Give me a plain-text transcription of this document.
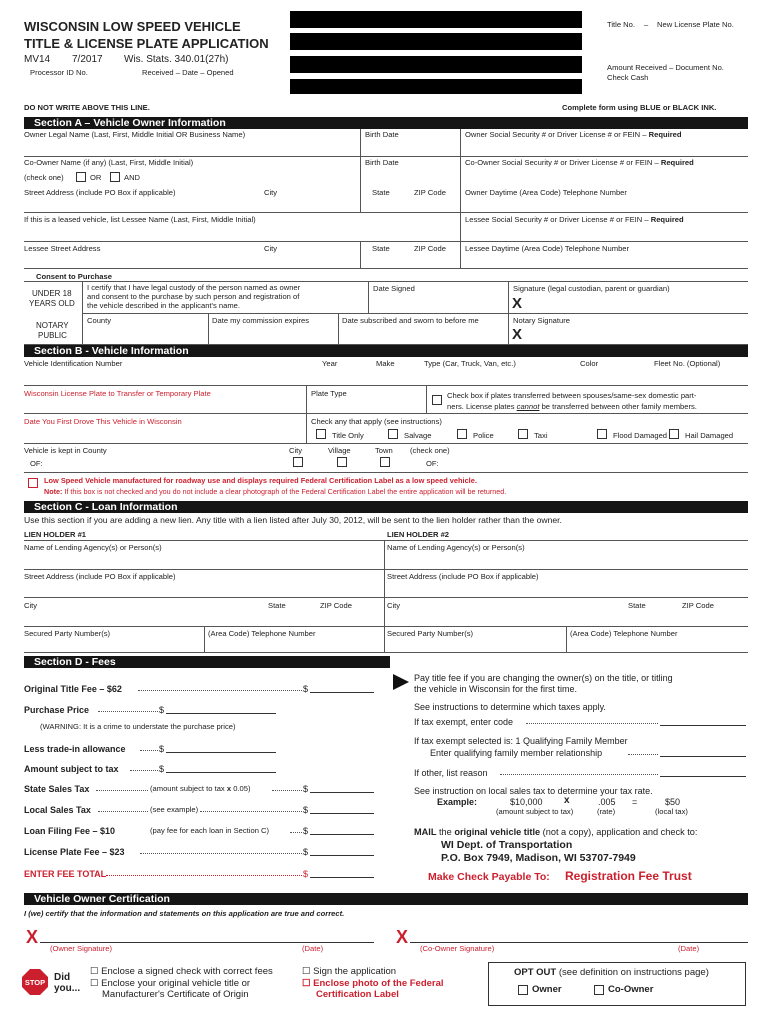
WISCONSIN LOW SPEED VEHICLE
TITLE & LICENSE PLATE APPLICATION
MV14 7/2017 Wis. Stats. 340.01(27h)
Processor ID No.	Received – Date – Opened
Title No. – New License Plate No.
Amount Received – Document No.
Check Cash
DO NOT WRITE ABOVE THIS LINE.	Complete form using BLUE or BLACK INK.
Section A – Vehicle Owner Information
Owner Legal Name (Last, First, Middle Initial OR Business Name)	Birth Date	Owner Social Security # or Driver License # or FEIN – Required
Co-Owner Name (if any) (Last, First, Middle Initial)	Birth Date	Co-Owner Social Security # or Driver License # or FEIN – Required
(check one)	OR	AND
Street Address (include PO Box if applicable)	City	State	ZIP Code	Owner Daytime (Area Code) Telephone Number
If this is a leased vehicle, list Lessee Name (Last, First, Middle Initial)	Lessee Social Security # or Driver License # or FEIN – Required
Lessee Street Address	City	State	ZIP Code	Lessee Daytime (Area Code) Telephone Number
Consent to Purchase
UNDER 18
YEARS OLD
I certify that I have legal custody of the person named as owner
and consent to the purchase by such person and registration of
the vehicle described in the applicant's name.
Date Signed	Signature (legal custodian, parent or guardian)
X
NOTARY
PUBLIC
County	Date my commission expires	Date subscribed and sworn to before me	Notary Signature
X
Section B - Vehicle Information
Vehicle Identification Number	Year	Make	Type (Car, Truck, Van, etc.)	Color	Fleet No. (Optional)
Wisconsin License Plate to Transfer or Temporary Plate	Plate Type	Check box if plates transferred between spouses/same-sex domestic part-
ners. License plates cannot be transferred between other family members.
Date You First Drove This Vehicle in Wisconsin	Check any that apply (see instructions)
Title Only	Salvage	Police	Taxi	Flood Damaged Hail Damaged
Vehicle is kept in County
OF:
City	Village	Town (check one)
OF:
Low Speed Vehicle manufactured for roadway use and displays required Federal Certification Label as a low speed vehicle.
Note: If this box is not checked and you do not include a clear photograph of the Federal Certification Label the entire application will be returned.
Section C - Loan Information
Use this section if you are adding a new lien. Any title with a lien listed after July 30, 2012, will be sent to the lien holder rather than the owner.
LIEN HOLDER #1	LIEN HOLDER #2
Name of Lending Agency(s) or Person(s)	Name of Lending Agency(s) or Person(s)
Street Address (include PO Box if applicable)	Street Address (include PO Box if applicable)
City	State	ZIP Code	City	State	ZIP Code
Secured Party Number(s)	(Area Code) Telephone Number	Secured Party Number(s)	(Area Code) Telephone Number
Section D - Fees
Original Title Fee – $62	$
Purchase Price	$
(WARNING: It is a crime to understate the purchase price)
Less trade-in allowance	$
Amount subject to tax	$
State Sales Tax	(amount subject to tax x 0.05)	$
Local Sales Tax	(see example)	$
Loan Filing Fee – $10	(pay fee for each loan in Section C)	$
License Plate Fee – $23	$
ENTER FEE TOTAL	$
Pay title fee if you are changing the owner(s) on the title, or titling
the vehicle in Wisconsin for the first time.
See instructions to determine which taxes apply.
If tax exempt, enter code
If tax exempt selected is: 1 Qualifying Family Member
Enter qualifying family member relationship
If other, list reason
See instruction on local sales tax to determine your tax rate.
Example:	$10,000 x	.005 =	$50
(amount subject to tax)	(rate)	(local tax)
MAIL the original vehicle title (not a copy), application and check to:
WI Dept. of Transportation
P.O. Box 7949, Madison, WI 53707-7949
Make Check Payable To: Registration Fee Trust
Vehicle Owner Certification
I (we) certify that the information and statements on this application are true and correct.
X
(Owner Signature)	(Date)
X
(Co-Owner Signature)	(Date)
STOP Did
you...
☐ Enclose a signed check with correct fees
☐ Enclose your original vehicle title or
Manufacturer's Certificate of Origin
☐ Sign the application
☐ Enclose photo of the Federal
Certification Label
OPT OUT (see definition on instructions page)
Owner	Co-Owner
